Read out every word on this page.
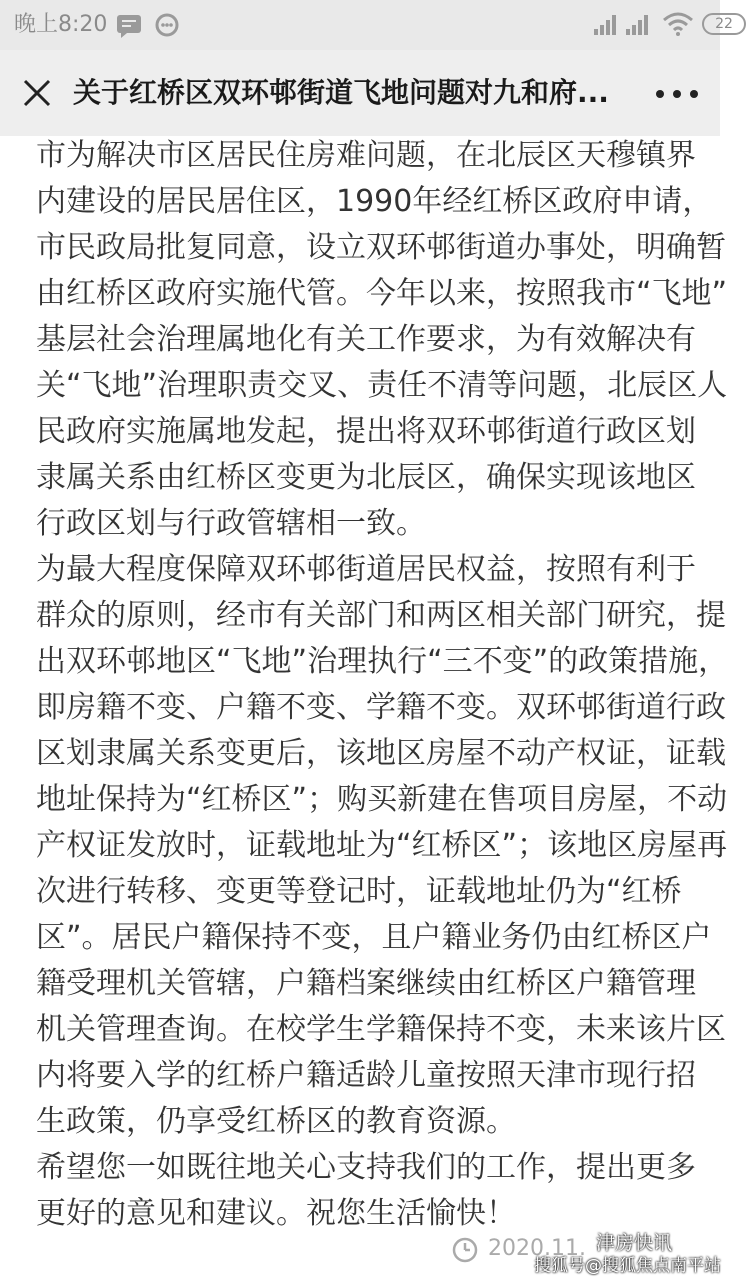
晚上8:20	22
关于红桥区双环邨街道飞地问题对九和府...
市为解决市区居民住房难问题，在北辰区天穆镇界
内建设的居民居住区，1990年经红桥区政府申请，
市民政局批复同意，设立双环邨街道办事处，明确暂
由红桥区政府实施代管。今年以来，按照我市“飞地”
基层社会治理属地化有关工作要求，为有效解决有
关“飞地”治理职责交叉、责任不清等问题，北辰区人
民政府实施属地发起，提出将双环邨街道行政区划
隶属关系由红桥区变更为北辰区，确保实现该地区
行政区划与行政管辖相一致。
为最大程度保障双环邨街道居民权益，按照有利于
群众的原则，经市有关部门和两区相关部门研究，提
出双环邨地区“飞地”治理执行“三不变”的政策措施，
即房籍不变、户籍不变、学籍不变。双环邨街道行政
区划隶属关系变更后，该地区房屋不动产权证，证载
地址保持为“红桥区”；购买新建在售项目房屋，不动
产权证发放时，证载地址为“红桥区”；该地区房屋再
次进行转移、变更等登记时，证载地址仍为“红桥
区”。居民户籍保持不变，且户籍业务仍由红桥区户
籍受理机关管辖，户籍档案继续由红桥区户籍管理
机关管理查询。在校学生学籍保持不变，未来该片区
内将要入学的红桥户籍适龄儿童按照天津市现行招
生政策，仍享受红桥区的教育资源。
希望您一如既往地关心支持我们的工作，提出更多
更好的意见和建议。祝您生活愉快！
2020.11. 津房快讯
搜狐号@搜狐焦点南平站
